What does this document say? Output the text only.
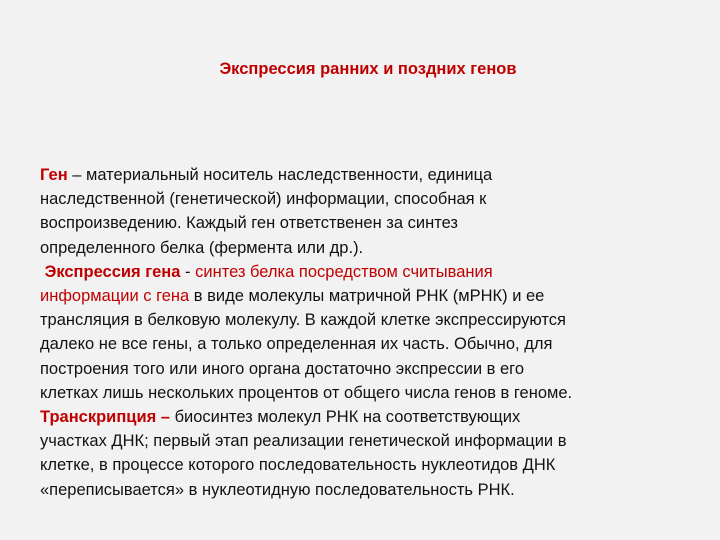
Экспрессия ранних и поздних генов
Ген – материальный носитель наследственности, единица
наследственной (генетической) информации, способная к
воспроизведению. Каждый ген ответственен за синтез
определенного белка (фермента или др.).
Экспрессия гена - синтез белка посредством считывания
информации с гена в виде молекулы матричной РНК (мРНК) и ее
трансляция в белковую молекулу. В каждой клетке экспрессируются
далеко не все гены, а только определенная их часть. Обычно, для
построения того или иного органа достаточно экспрессии в его
клетках лишь нескольких процентов от общего числа генов в геноме.
Транскрипция – биосинтез молекул РНК на соответствующих
участках ДНК; первый этап реализации генетической информации в
клетке, в процессе которого последовательность нуклеотидов ДНК
«переписывается» в нуклеотидную последовательность РНК.
